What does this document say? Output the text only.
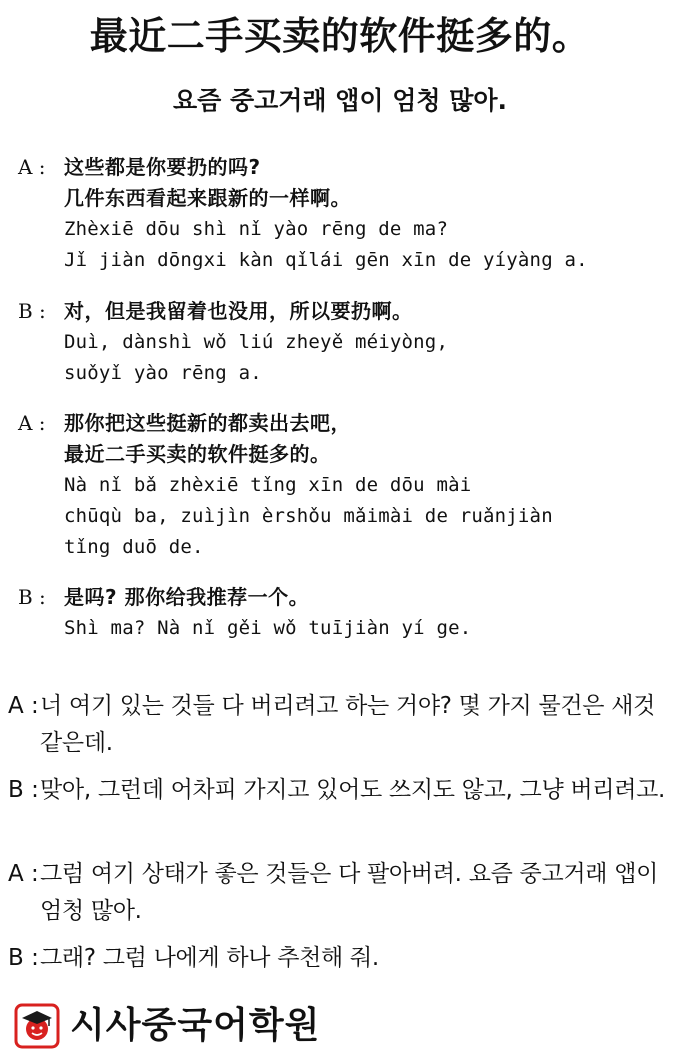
最近二手买卖的软件挺多的。
요즘 중고거래 앱이 엄청 많아.
A : 这些都是你要扔的吗?
几件东西看起来跟新的一样啊。
Zhèxiē dōu shì nǐ yào rēng de ma?
Jǐ jiàn dōngxi kàn qǐlái gēn xīn de yíyàng a.
B : 对，但是我留着也没用，所以要扔啊。
Duì, dànshì wǒ liú zheyě méiyòng,
suǒyǐ yào rēng a.
A : 那你把这些挺新的都卖出去吧，
最近二手买卖的软件挺多的。
Nà nǐ bǎ zhèxiē tǐng xīn de dōu mài
chūqù ba, zuìjìn èrshǒu mǎimài de ruǎnjiàn
tǐng duō de.
B : 是吗? 那你给我推荐一个。
Shì ma? Nà nǐ gěi wǒ tuījiàn yí ge.
A : 너 여기 있는 것들 다 버리려고 하는 거야? 몇 가지 물건은 새것 같은데.
B : 맞아, 그런데 어차피 가지고 있어도 쓰지도 않고, 그냥 버리려고.
A : 그럼 여기 상태가 좋은 것들은 다 팔아버려. 요즘 중고거래 앱이 엄청 많아.
B : 그래? 그럼 나에게 하나 추천해 줘.
시사중국어학원
